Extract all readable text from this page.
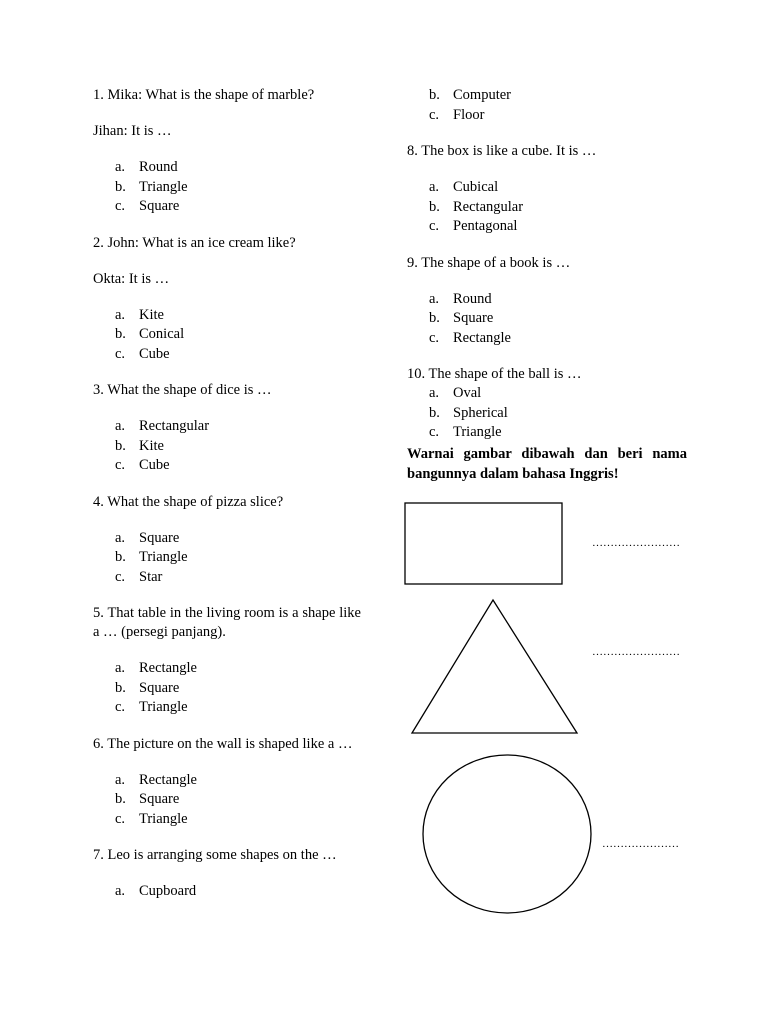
1. Mika: What is the shape of marble?

Jihan: It is …

a. Round
b. Triangle
c. Square

2. John: What is an ice cream like?

Okta: It is …

a. Kite
b. Conical
c. Cube

3. What the shape of dice is …

a. Rectangular
b. Kite
c. Cube

4. What the shape of pizza slice?

a. Square
b. Triangle
c. Star

5. That table in the living room is a shape like a … (persegi panjang).

a. Rectangle
b. Square
c. Triangle

6. The picture on the wall is shaped like a …

a. Rectangle
b. Square
c. Triangle

7. Leo is arranging some shapes on the …

a. Cupboard
b. Computer
c. Floor

8. The box is like a cube. It is …

a. Cubical
b. Rectangular
c. Pentagonal

9. The shape of a book is …

a. Round
b. Square
c. Rectangle

10. The shape of the ball is …

a. Oval
b. Spherical
c. Triangle

Warnai gambar dibawah dan beri nama bangunnya dalam bahasa Inggris!

……………………
……………………
…………………
